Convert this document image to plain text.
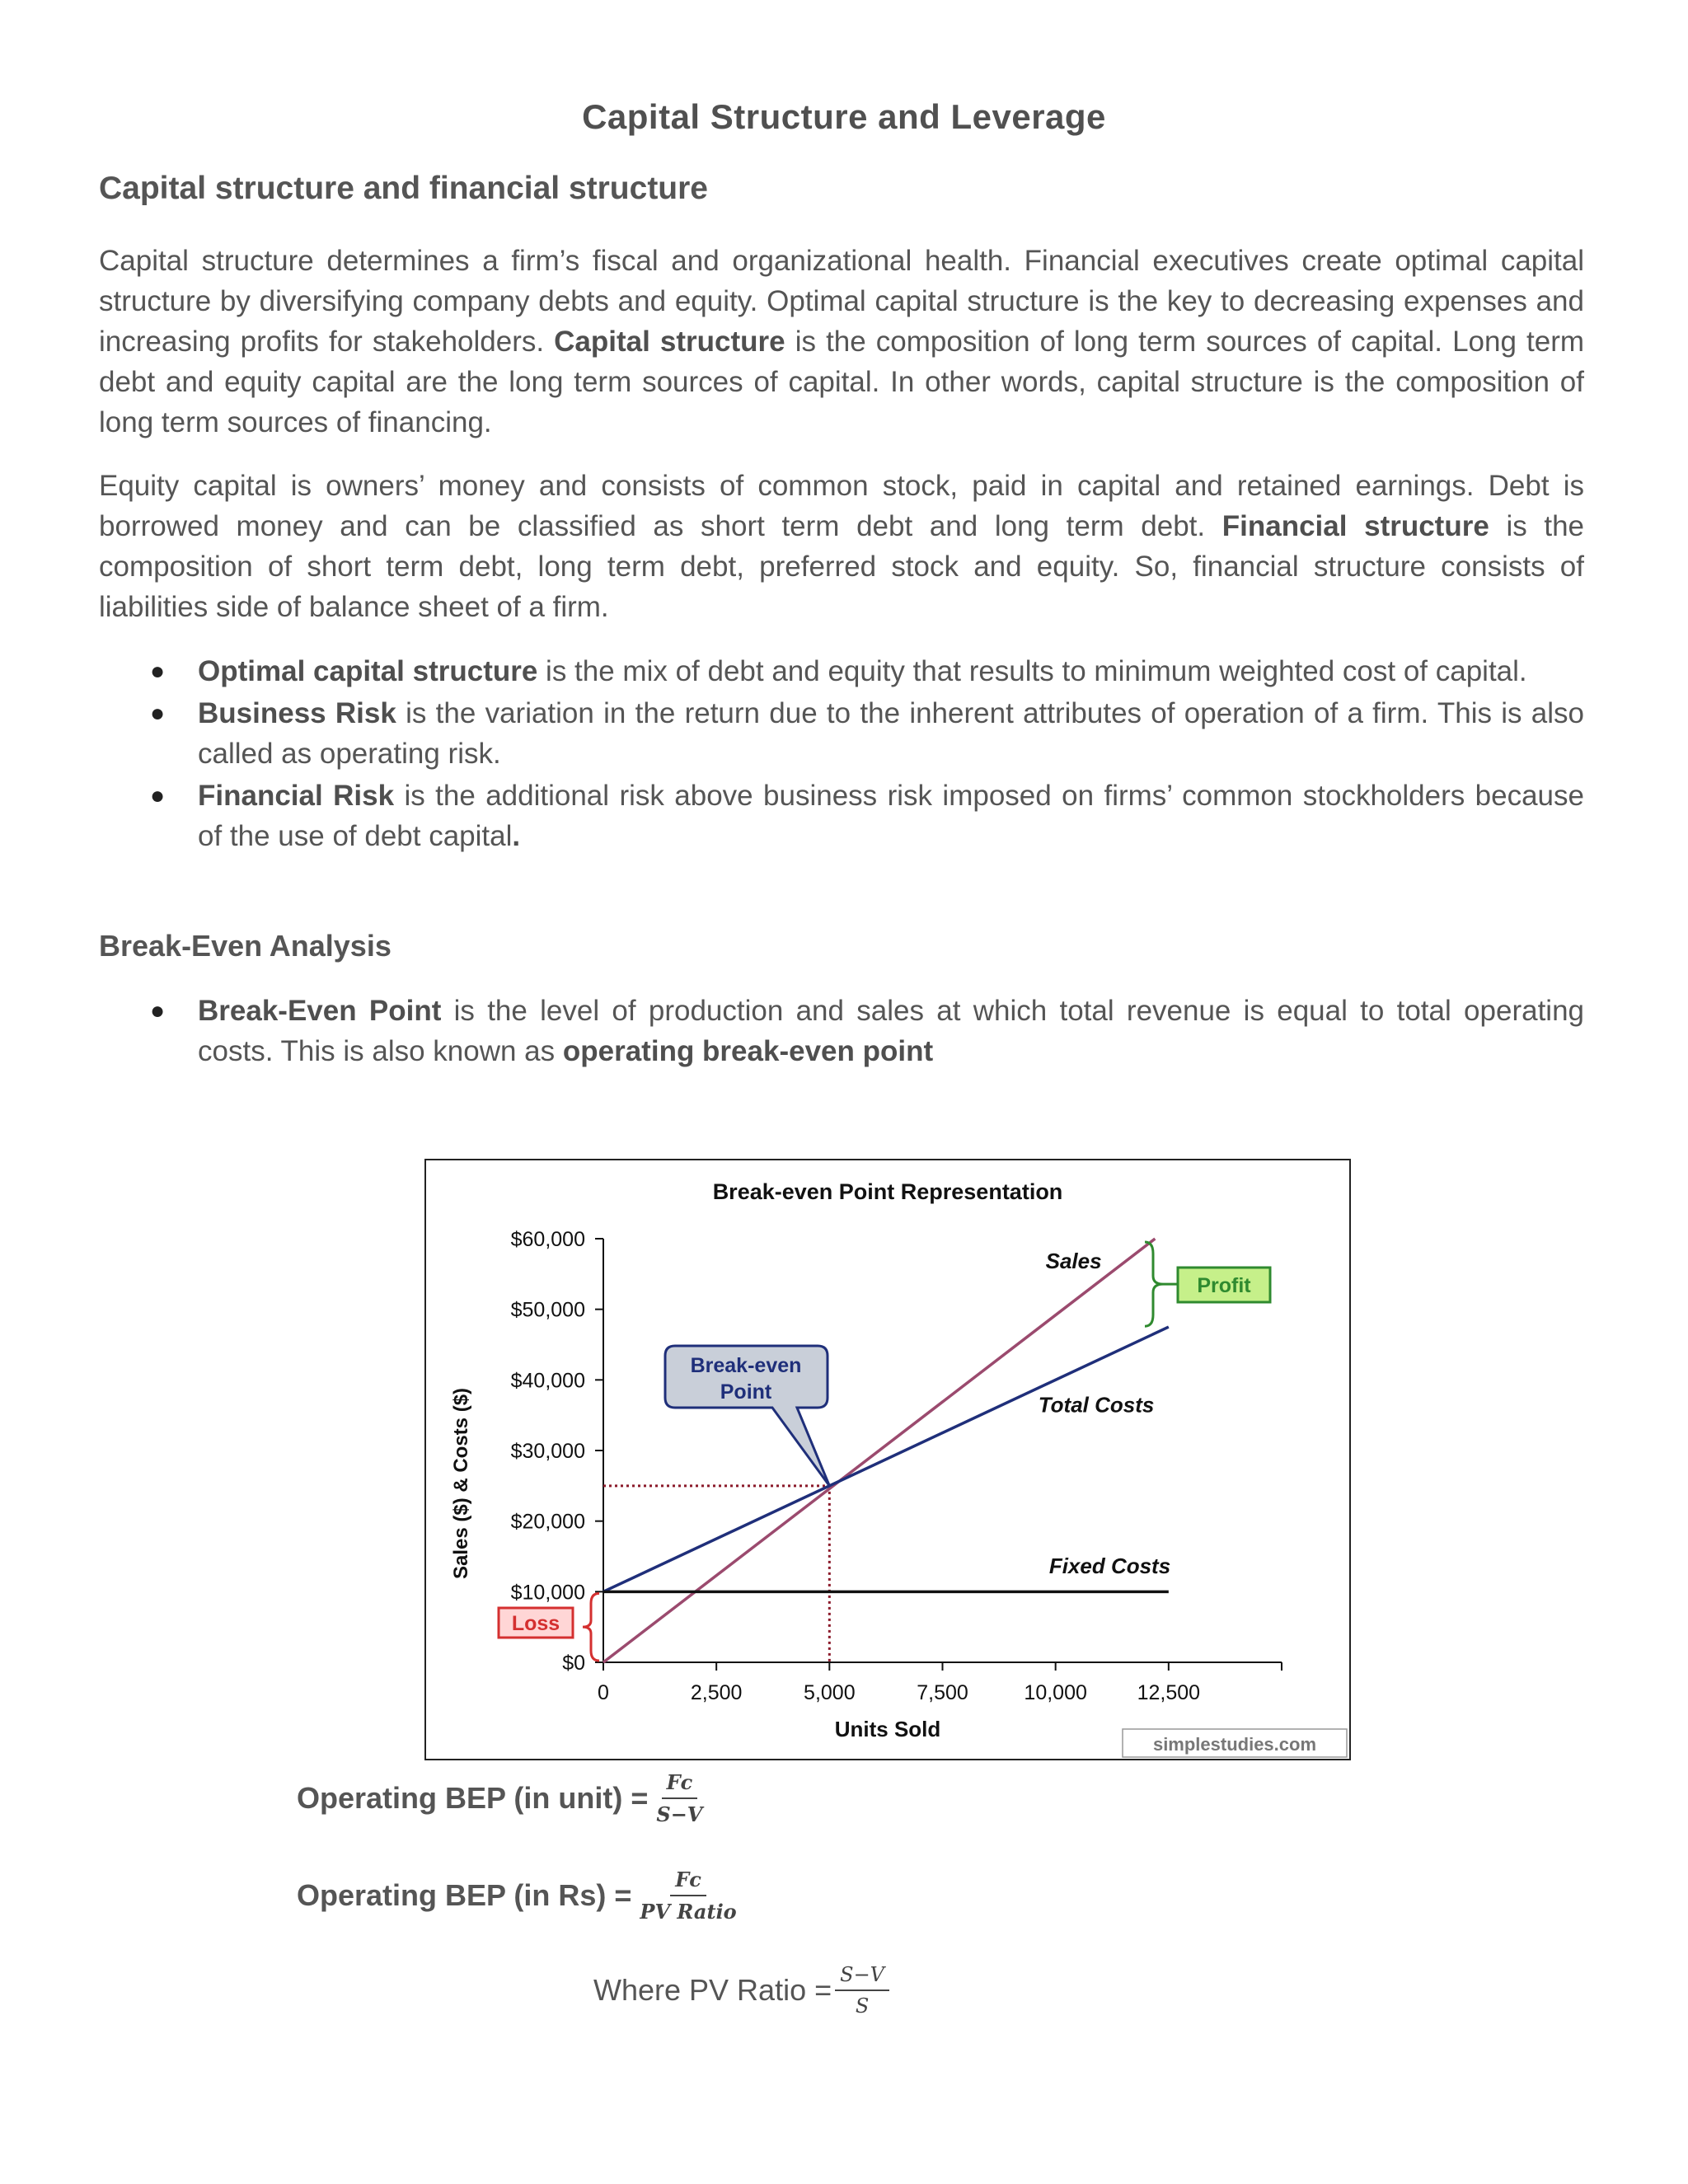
Capital Structure and Leverage
Capital structure and financial structure
Capital structure determines a firm’s fiscal and organizational health. Financial executives create optimal capital structure by diversifying company debts and equity. Optimal capital structure is the key to decreasing expenses and increasing profits for stakeholders. Capital structure is the composition of long term sources of capital. Long term debt and equity capital are the long term sources of capital. In other words, capital structure is the composition of long term sources of financing.
Equity capital is owners’ money and consists of common stock, paid in capital and retained earnings. Debt is borrowed money and can be classified as short term debt and long term debt. Financial structure is the composition of short term debt, long term debt, preferred stock and equity. So, financial structure consists of liabilities side of balance sheet of a firm.
● Optimal capital structure is the mix of debt and equity that results to minimum weighted cost of capital.
● Business Risk is the variation in the return due to the inherent attributes of operation of a firm. This is also called as operating risk.
● Financial Risk is the additional risk above business risk imposed on firms’ common stockholders because of the use of debt capital.
Break-Even Analysis
● Break-Even Point is the level of production and sales at which total revenue is equal to total operating costs. This is also known as operating break-even point
Break-even Point Representation
$0
$10,000
$20,000
$30,000
$40,000
$50,000
$60,000
0	2,500	5,000	7,500	10,000 12,500
Units Sold
Sales ($) & Costs ($)
Sales
Total Costs
Fixed Costs
Break-even
Point
Profit
Loss
simplestudies.com
Operating BEP (in unit) = $\frac{Fc}{S-V}$
Operating BEP (in $Rs) = \frac{Fc}{\text{PV Ratio}}$
Where PV Ratio = $\frac{S-V}{S}$
